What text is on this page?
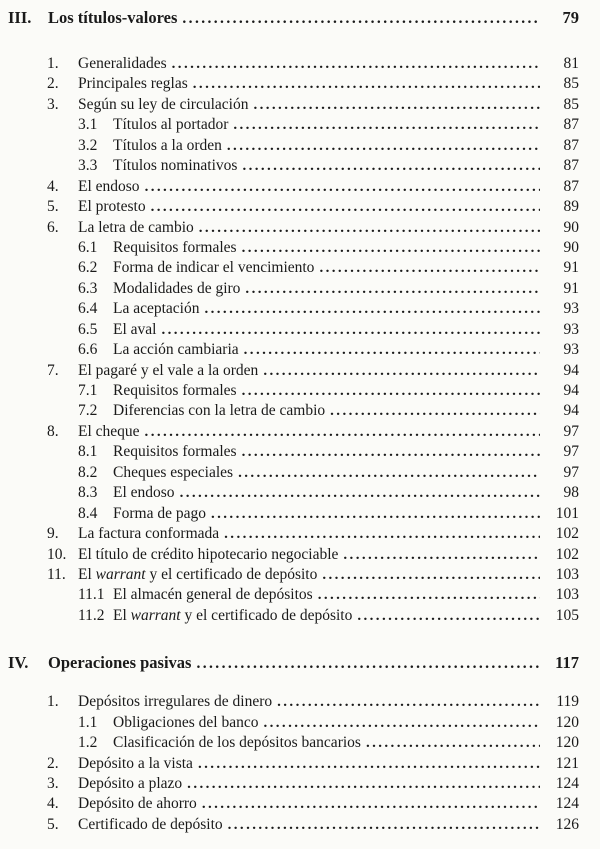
III.	Los títulos-valores .....	79
1.	Generalidades .....	81
2.	Principales reglas .....	85
3.	Según su ley de circulación .....	85
3.1	Títulos al portador .....	87
3.2	Títulos a la orden .....	87
3.3	Títulos nominativos .....	87
4.	El endoso .....	87
5.	El protesto .....	89
6.	La letra de cambio .....	90
6.1	Requisitos formales .....	90
6.2	Forma de indicar el vencimiento .....	91
6.3	Modalidades de giro .....	91
6.4	La aceptación .....	93
6.5	El aval .....	93
6.6	La acción cambiaria .....	93
7.	El pagaré y el vale a la orden .....	94
7.1	Requisitos formales .....	94
7.2	Diferencias con la letra de cambio .....	94
8.	El cheque .....	97
8.1	Requisitos formales .....	97
8.2	Cheques especiales .....	97
8.3	El endoso .....	98
8.4	Forma de pago .....	101
9.	La factura conformada .....	102
10. El título de crédito hipotecario negociable .....	102
11. El warrant y el certificado de depósito .....	103
11.1 El almacén general de depósitos .....	103
11.2 El warrant y el certificado de depósito .....	105
IV.	Operaciones pasivas .....	117
1.	Depósitos irregulares de dinero .....	119
1.1	Obligaciones del banco .....	120
1.2	Clasificación de los depósitos bancarios .....	120
2.	Depósito a la vista .....	121
3.	Depósito a plazo .....	124
4.	Depósito de ahorro .....	124
5.	Certificado de depósito .....	126
